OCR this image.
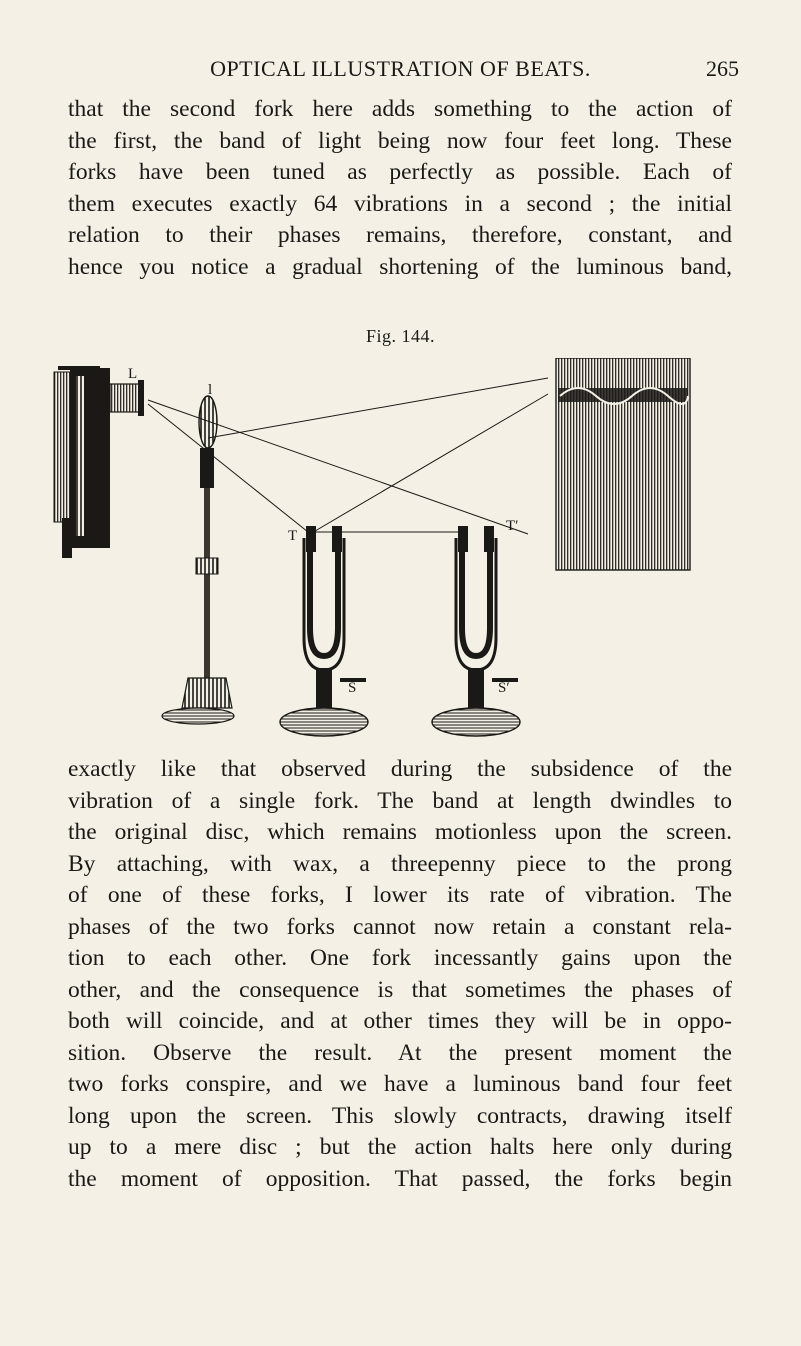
OPTICAL ILLUSTRATION OF BEATS.	265

that the second fork here adds something to the action of
the first, the band of light being now four feet long. These
forks have been tuned as perfectly as possible. Each of
them executes exactly 64 vibrations in a second ; the initial
relation to their phases remains, therefore, constant, and
hence you notice a gradual shortening of the luminous band,

Fig. 144.
L
l
T
S
T′
S′

exactly like that observed during the subsidence of the
vibration of a single fork. The band at length dwindles to
the original disc, which remains motionless upon the screen.
By attaching, with wax, a threepenny piece to the prong
of one of these forks, I lower its rate of vibration. The
phases of the two forks cannot now retain a constant rela-
tion to each other. One fork incessantly gains upon the
other, and the consequence is that sometimes the phases of
both will coincide, and at other times they will be in oppo-
sition. Observe the result. At the present moment the
two forks conspire, and we have a luminous band four feet
long upon the screen. This slowly contracts, drawing itself
up to a mere disc ; but the action halts here only during
the moment of opposition. That passed, the forks begin
